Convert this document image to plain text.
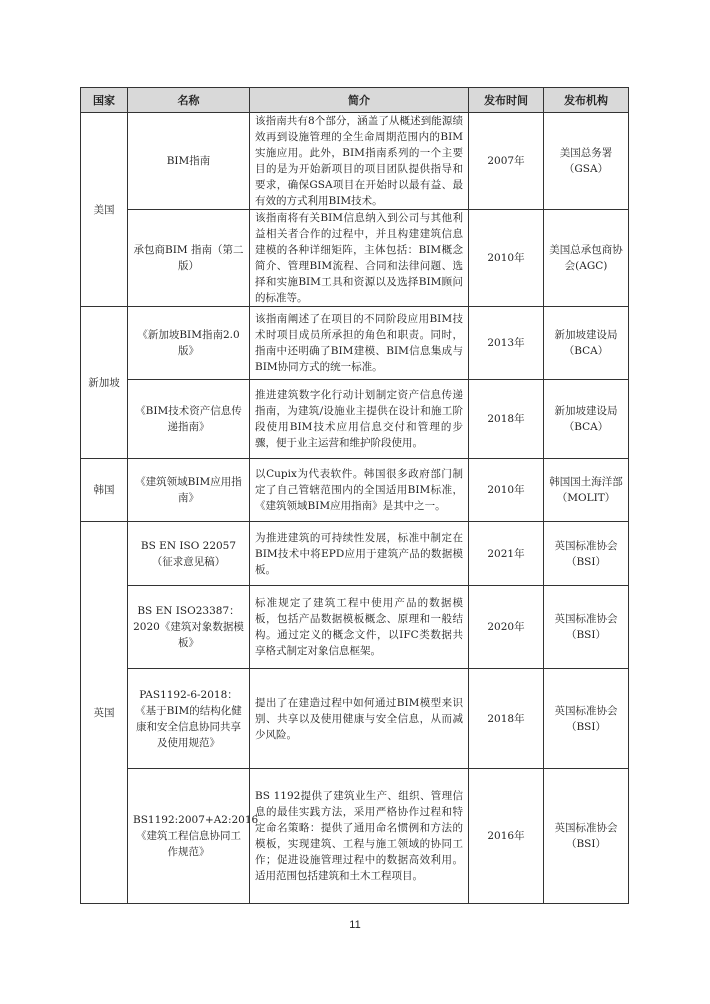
国家	名称	简介	发布时间	发布机构
美国	BIM指南	该指南共有8个部分，涵盖了从概述到能源绩效再到设施管理的全生命周期范围内的BIM实施应用。此外，BIM指南系列的一个主要目的是为开始新项目的项目团队提供指导和要求，确保GSA项目在开始时以最有益、最有效的方式利用BIM技术。	2007年	美国总务署（GSA）
	承包商BIM 指南（第二版）	该指南将有关BIM信息纳入到公司与其他利益相关者合作的过程中，并且构建建筑信息建模的各种详细矩阵，主体包括：BIM概念简介、管理BIM流程、合同和法律问题、选择和实施BIM工具和资源以及选择BIM顾问的标准等。	2010年	美国总承包商协会(AGC)
新加坡	《新加坡BIM指南2.0版》	该指南阐述了在项目的不同阶段应用BIM技术时项目成员所承担的角色和职责。同时，指南中还明确了BIM建模、BIM信息集成与BIM协同方式的统一标准。	2013年	新加坡建设局（BCA）
	《BIM技术资产信息传递指南》	推进建筑数字化行动计划制定资产信息传递指南，为建筑/设施业主提供在设计和施工阶段使用BIM技术应用信息交付和管理的步骤，便于业主运营和维护阶段使用。	2018年	新加坡建设局（BCA）
韩国	《建筑领域BIM应用指南》	以Cupix为代表软件。韩国很多政府部门制定了自己管辖范围内的全国适用BIM标准，《建筑领域BIM应用指南》是其中之一。	2010年	韩国国土海洋部（MOLIT）
英国	BS EN ISO 22057（征求意见稿）	为推进建筑的可持续性发展，标准中制定在BIM技术中将EPD应用于建筑产品的数据模板。	2021年	英国标准协会（BSI）
	BS EN ISO23387：2020《建筑对象数据模板》	标准规定了建筑工程中使用产品的数据模板，包括产品数据模板概念、原理和一般结构。通过定义的概念文件，以IFC类数据共享格式制定对象信息框架。	2020年	英国标准协会（BSI）
	PAS1192-6-2018：《基于BIM的结构化健康和安全信息协同共享及使用规范》	提出了在建造过程中如何通过BIM模型来识别、共享以及使用健康与安全信息，从而减少风险。	2018年	英国标准协会（BSI）
	BS1192:2007+A2:2016《建筑工程信息协同工作规范》	BS 1192提供了建筑业生产、组织、管理信息的最佳实践方法，采用严格协作过程和特定命名策略：提供了通用命名惯例和方法的模板，实现建筑、工程与施工领域的协同工作；促进设施管理过程中的数据高效利用。适用范围包括建筑和土木工程项目。	2016年	英国标准协会（BSI）
11
